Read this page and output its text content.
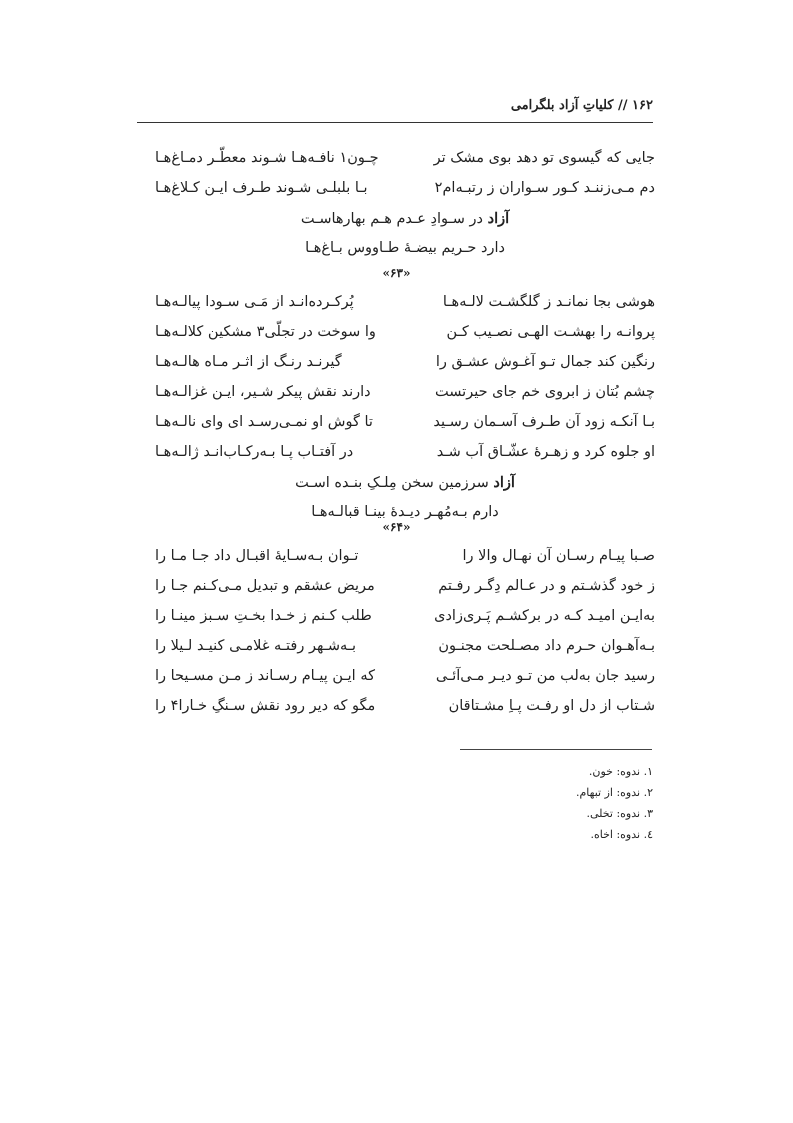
۱۶۲ // کلیاتِ آزاد بلگرامی
جایی که گیسوی تو دهد بوی مشک تر
چـون۱ نافـه‌هـا شـوند معطّـر دمـاغ‌هـا
دم مـی‌زننـد کـور سـواران ز رتبـه‌ام۲
بـا بلبلـی شـوند طـرف ایـن کـلاغ‌هـا
آزاد در سـوادِ عـدم هـم بهارهاسـت
دارد حـریم بیضـهٔ طـاووس بـاغ‌هـا
«۶۳»
هوشی بجا نمانـد ز گلگشـت لالـه‌هـا
پُرکـرده‌انـد از مَـی سـودا پیالـه‌هـا
پروانـه را بهشـت الهـی نصـیب کـن
وا سوخت در تجلّی۳ مشکین کلالـه‌هـا
رنگین کند جمال تـو آغـوش عشـق را
گیرنـد رنـگ از اثـر مـاه هالـه‌هـا
چشم بُتان ز ابروی خم جای حیرتست
دارند نقش پیکر شـیر، ایـن غزالـه‌هـا
بـا آنکـه زود آن طـرف آسـمان رسـید
تا گوش او نمـی‌رسـد ای وای نالـه‌هـا
او جلوه کرد و زهـرهٔ عشّـاق آب شـد
در آفتـاب پـا بـه‌رکـاب‌انـد ژالـه‌هـا
آزاد سرزمین سخن مِلـکِ بنـده اسـت
دارم بـه‌مُهـر دیـدهٔ بینـا قبالـه‌هـا
«۶۴»
صـبا پیـام رسـان آن نهـال والا را
تـوان بـه‌سـایهٔ اقبـال داد جـا مـا را
ز خود گذشـتم و در عـالم دِگـر رفـتم
مریض عشقم و تبدیل مـی‌کـنم جـا را
به‌ایـن امیـد کـه در برکشـم پَـری‌زادی
طلب کـنم ز خـدا بخـتِ سـبز مینـا را
بـه‌آهـوان حـرم داد مصـلحت مجنـون
بـه‌شـهر رفتـه غلامـی کنیـد لـیلا را
رسید جان به‌لب من تـو دیـر مـی‌آئـی
که ایـن پیـام رسـاند ز مـن مسـیحا را
شـتاب از دل او رفـت پـاِ مشـتاقان
مگو که دیر رود نقش سـنگِ خـارا۴ را
١. ندوه: خون.
٢. ندوه: از تبهام.
٣. ندوه: تخلی.
٤. ندوه: اخاه.
